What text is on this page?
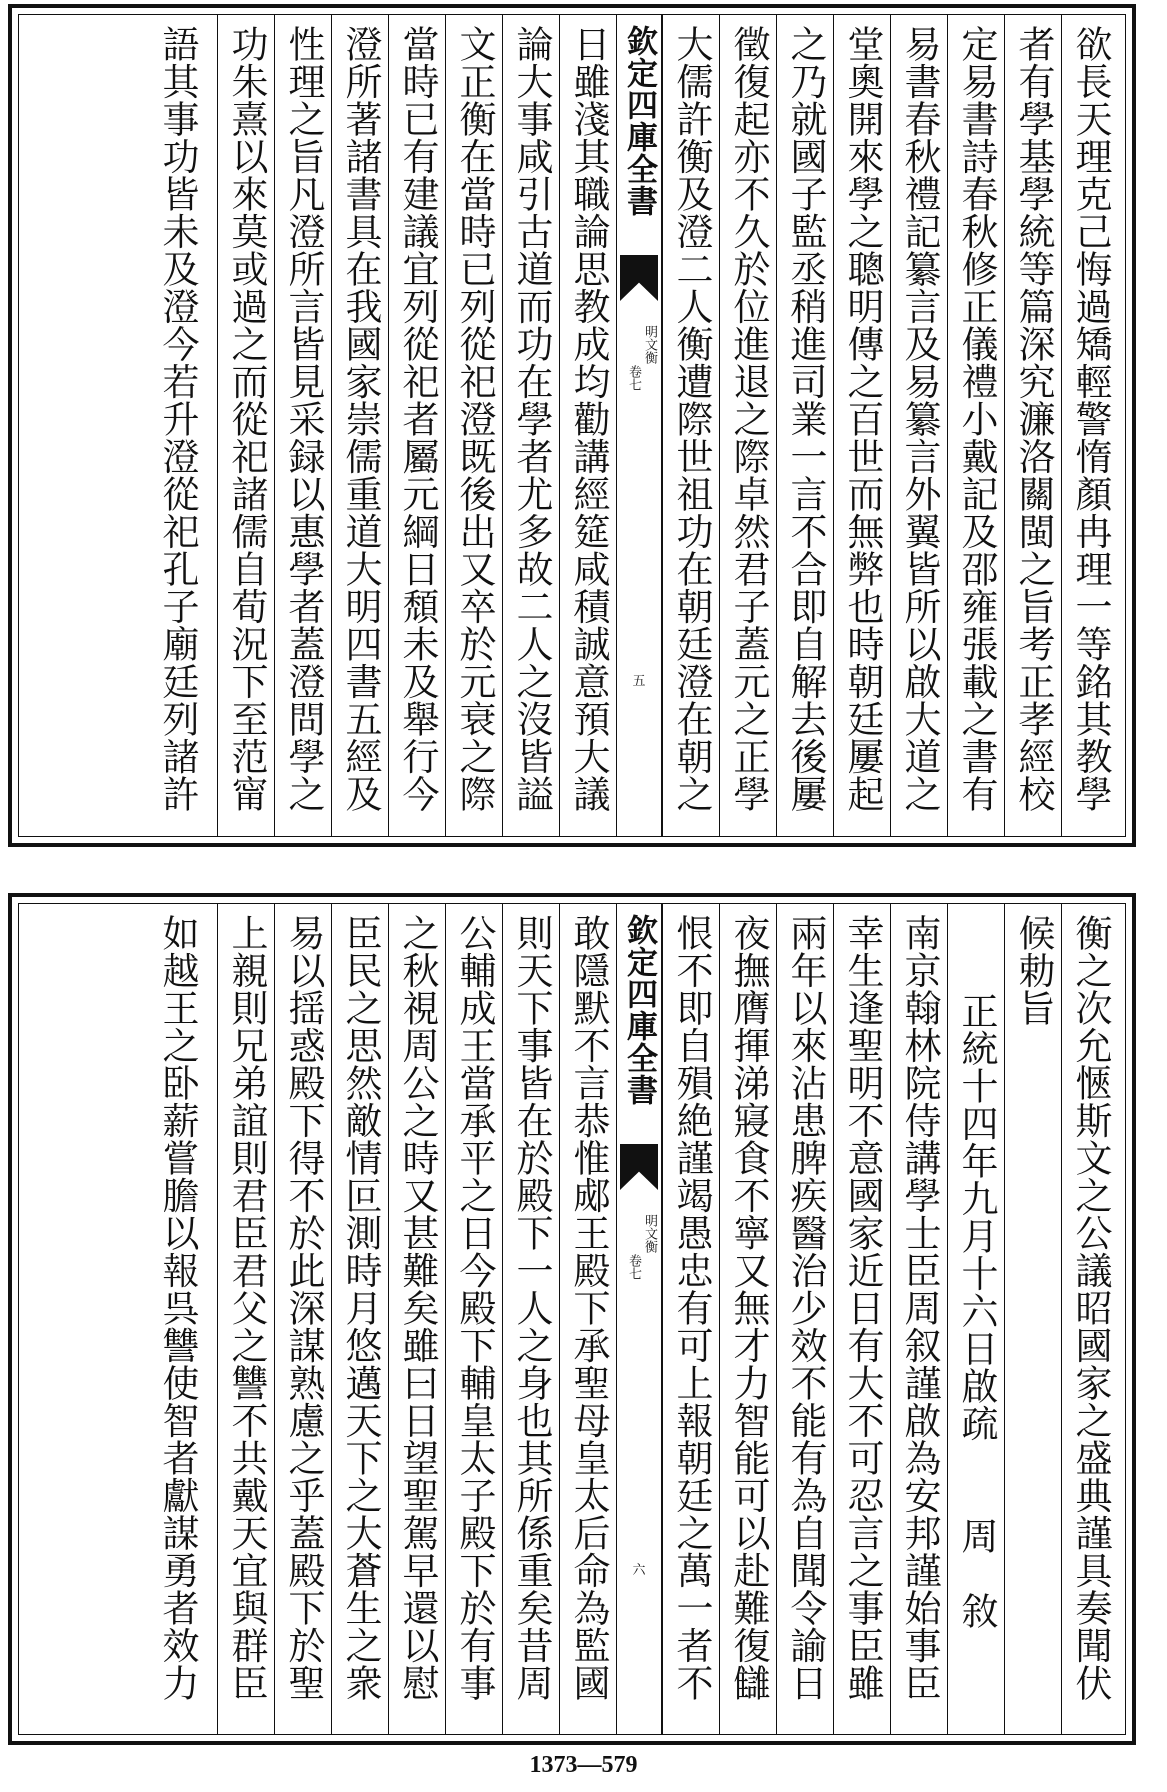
欲長天理克己悔過矯輕警惰顏冉理一等銘其教學
者有學基學統等篇深究濂洛關閩之旨考正孝經校
定易書詩春秋修正儀禮小戴記及邵雍張載之書有
易書春秋禮記纂言及易纂言外翼皆所以啟大道之
堂奧開來學之聰明傳之百世而無弊也時朝廷屢起
之乃就國子監丞稍進司業一言不合即自解去後屢
徵復起亦不久於位進退之際卓然君子蓋元之正學
大儒許衡及澄二人衡遭際世祖功在朝廷澄在朝之
欽定四庫全書
明文衡
卷七
五
日雖淺其職論思教成均勸講經筵咸積誠意預大議
論大事咸引古道而功在學者尤多故二人之沒皆謚
文正衡在當時已列從祀澄既後出又卒於元衰之際
當時已有建議宜列從祀者屬元綱日頹未及舉行今
澄所著諸書具在我國家崇儒重道大明四書五經及
性理之旨凡澄所言皆見采録以惠學者蓋澄問學之
功朱熹以來莫或過之而從祀諸儒自荀況下至范甯
語其事功皆未及澄今若升澄從祀孔子廟廷列諸許
衡之次允愜斯文之公議昭國家之盛典謹具奏聞伏
候勅旨
正統十四年九月十六日啟疏　　周　敘
南京翰林院侍講學士臣周叙謹啟為安邦謹始事臣
幸生逢聖明不意國家近日有大不可忍言之事臣雖
兩年以來沾患脾疾醫治少效不能有為自聞令諭日
夜撫膺揮涕寢食不寧又無才力智能可以赴難復讎
恨不即自殞絶謹竭愚忠有可上報朝廷之萬一者不
欽定四庫全書
明文衡
卷七
六
敢隱默不言恭惟郕王殿下承聖母皇太后命為監國
則天下事皆在於殿下一人之身也其所係重矣昔周
公輔成王當承平之日今殿下輔皇太子殿下於有事
之秋視周公之時又甚難矣雖曰日望聖駕早還以慰
臣民之思然敵情叵測時月悠邁天下之大蒼生之衆
易以揺惑殿下得不於此深謀熟慮之乎蓋殿下於聖
上親則兄弟誼則君臣君父之讐不共戴天宜與群臣
如越王之卧薪嘗膽以報呉讐使智者獻謀勇者效力
1373—579
